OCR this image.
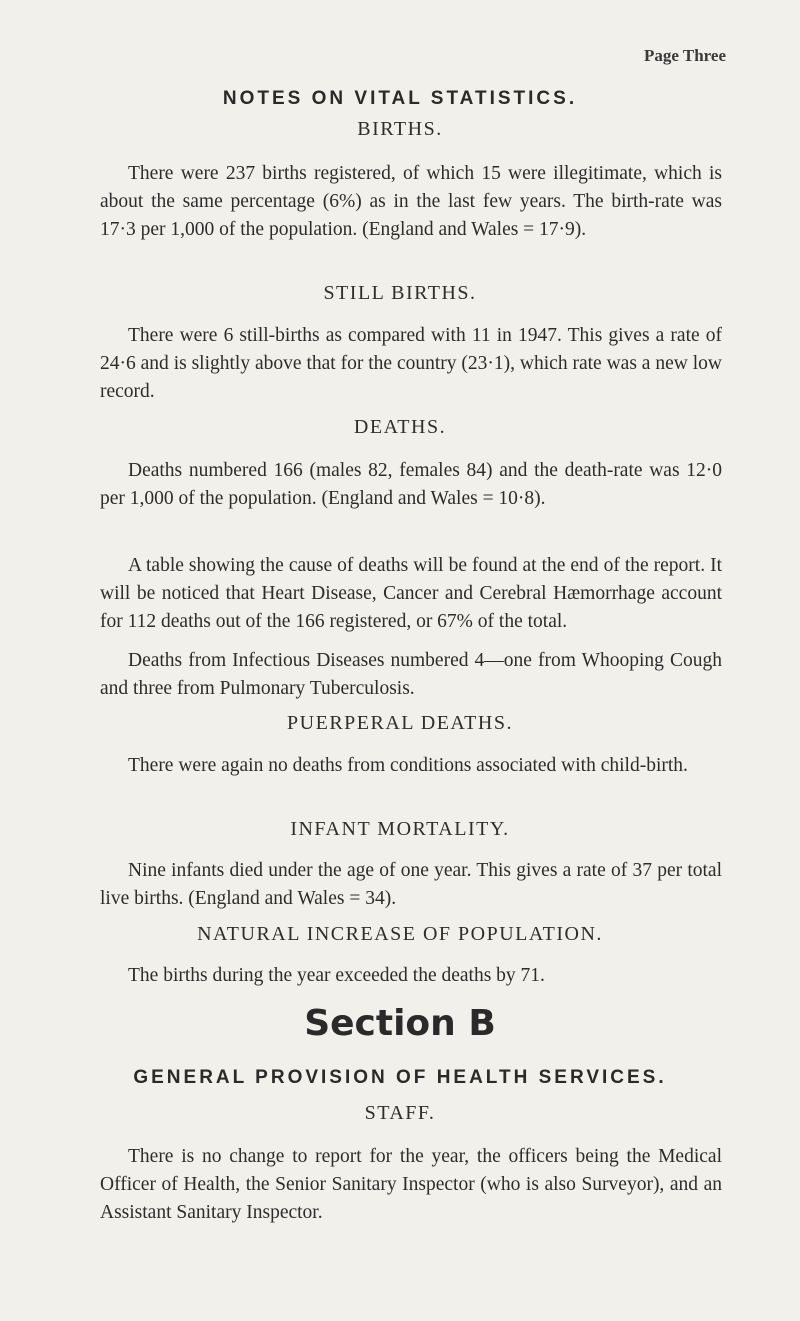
Page Three
NOTES ON VITAL STATISTICS.
BIRTHS.
There were 237 births registered, of which 15 were illegitimate, which is about the same percentage (6%) as in the last few years. The birth-rate was 17·3 per 1,000 of the population. (England and Wales = 17·9).
STILL BIRTHS.
There were 6 still-births as compared with 11 in 1947. This gives a rate of 24·6 and is slightly above that for the country (23·1), which rate was a new low record.
DEATHS.
Deaths numbered 166 (males 82, females 84) and the death-rate was 12·0 per 1,000 of the population. (England and Wales = 10·8).
A table showing the cause of deaths will be found at the end of the report. It will be noticed that Heart Disease, Cancer and Cerebral Hæmorrhage account for 112 deaths out of the 166 registered, or 67% of the total.
Deaths from Infectious Diseases numbered 4—one from Whooping Cough and three from Pulmonary Tuberculosis.
PUERPERAL DEATHS.
There were again no deaths from conditions associated with child-birth.
INFANT MORTALITY.
Nine infants died under the age of one year. This gives a rate of 37 per total live births. (England and Wales = 34).
NATURAL INCREASE OF POPULATION.
The births during the year exceeded the deaths by 71.
Section B
GENERAL PROVISION OF HEALTH SERVICES.
STAFF.
There is no change to report for the year, the officers being the Medical Officer of Health, the Senior Sanitary Inspector (who is also Surveyor), and an Assistant Sanitary Inspector.
